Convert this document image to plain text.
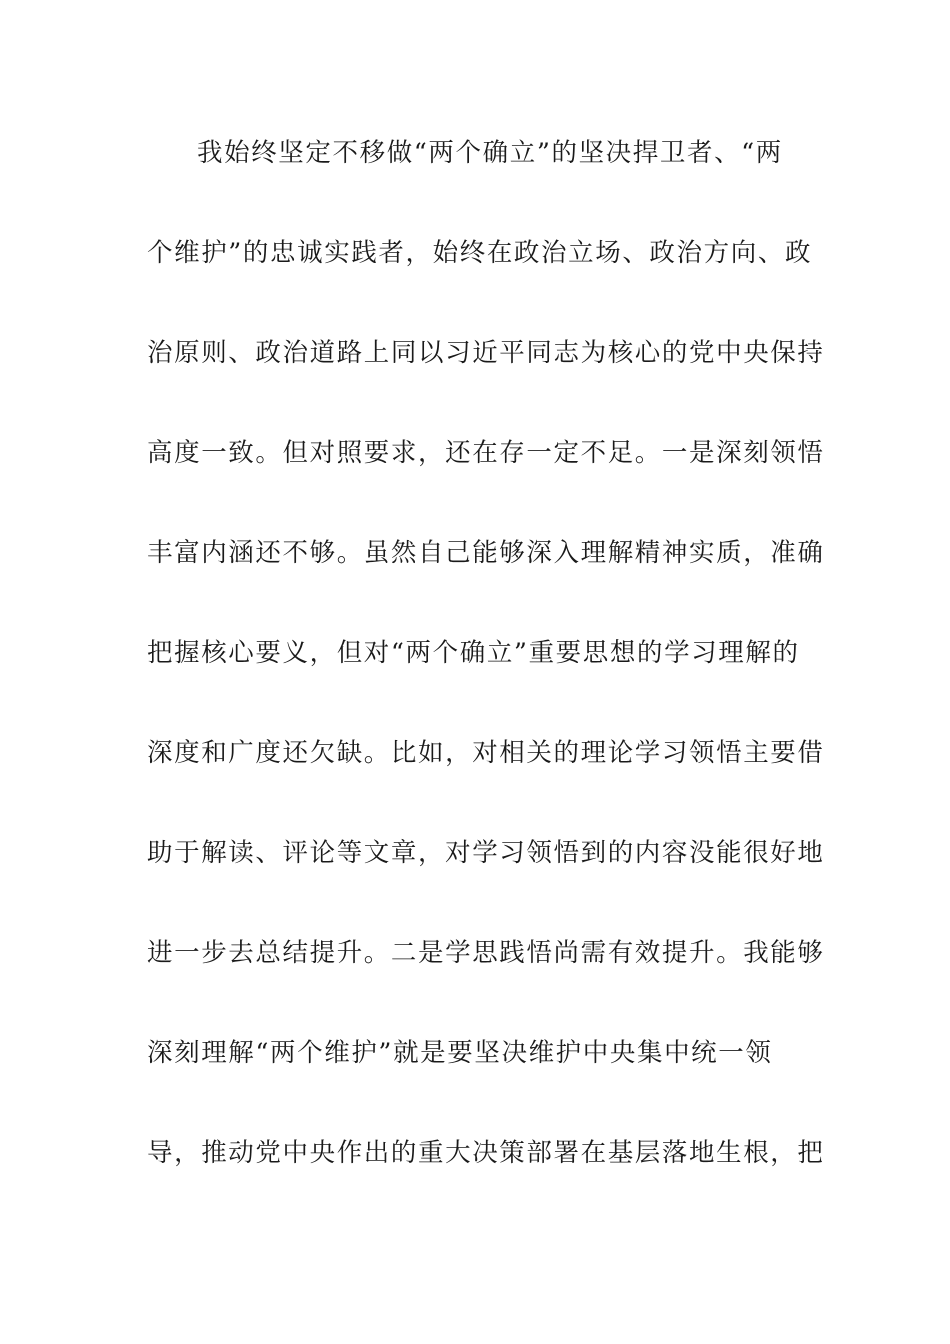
我始终坚定不移做“两个确立”的坚决捍卫者、“两
个维护”的忠诚实践者，始终在政治立场、政治方向、政
治原则、政治道路上同以习近平同志为核心的党中央保持
高度一致。但对照要求，还在存一定不足。一是深刻领悟
丰富内涵还不够。虽然自己能够深入理解精神实质，准确
把握核心要义，但对“两个确立”重要思想的学习理解的
深度和广度还欠缺。比如，对相关的理论学习领悟主要借
助于解读、评论等文章，对学习领悟到的内容没能很好地
进一步去总结提升。二是学思践悟尚需有效提升。我能够
深刻理解“两个维护”就是要坚决维护中央集中统一领
导，推动党中央作出的重大决策部署在基层落地生根，把
